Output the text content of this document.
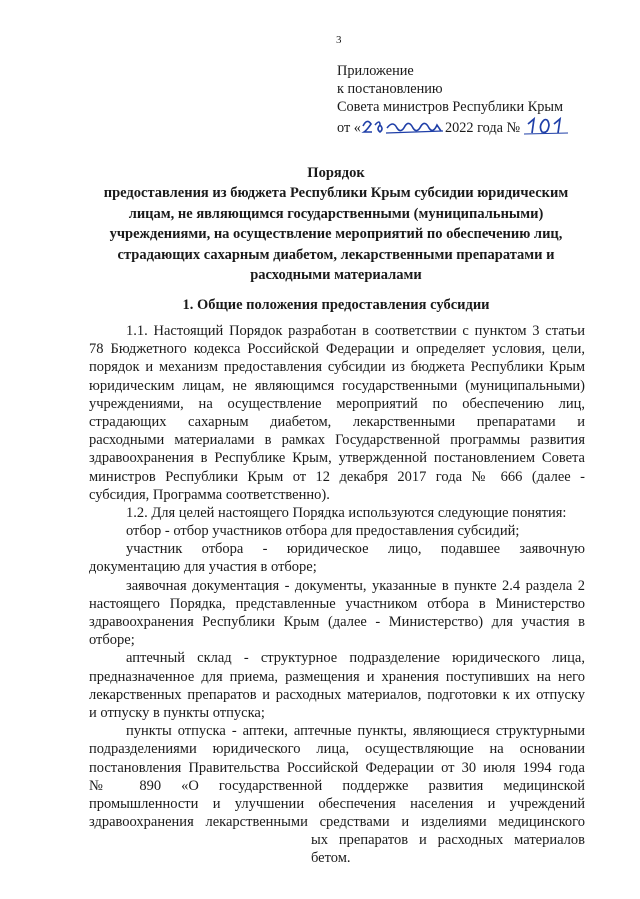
3
Приложение
к постановлению
Совета министров Республики Крым
от «	2022 года №
Порядок
предоставления из бюджета Республики Крым субсидии юридическим
лицам, не являющимся государственными (муниципальными)
учреждениями, на осуществление мероприятий по обеспечению лиц,
страдающих сахарным диабетом, лекарственными препаратами и
расходными материалами
1. Общие положения предоставления субсидии
1.1. Настоящий Порядок разработан в соответствии с пунктом 3 статьи
78 Бюджетного кодекса Российской Федерации и определяет условия, цели,
порядок и механизм предоставления субсидии из бюджета Республики Крым
юридическим лицам, не являющимся государственными (муниципальными)
учреждениями, на осуществление мероприятий по обеспечению лиц,
страдающих сахарным диабетом, лекарственными препаратами и
расходными материалами в рамках Государственной программы развития
здравоохранения в Республике Крым, утвержденной постановлением Совета
министров Республики Крым от 12 декабря 2017 года № 666 (далее -
субсидия, Программа соответственно).
1.2. Для целей настоящего Порядка используются следующие понятия:
отбор - отбор участников отбора для предоставления субсидий;
участник отбора - юридическое лицо, подавшее заявочную
документацию для участия в отборе;
заявочная документация - документы, указанные в пункте 2.4 раздела 2
настоящего Порядка, представленные участником отбора в Министерство
здравоохранения Республики Крым (далее - Министерство) для участия в
отборе;
аптечный склад - структурное подразделение юридического лица,
предназначенное для приема, размещения и хранения поступивших на него
лекарственных препаратов и расходных материалов, подготовки к их отпуску
и отпуску в пункты отпуска;
пункты отпуска - аптеки, аптечные пункты, являющиеся структурными
подразделениями юридического лица, осуществляющие на основании
постановления Правительства Российской Федерации от 30 июля 1994 года
№ 890 «О государственной поддержке развития медицинской
промышленности и улучшении обеспечения населения и учреждений
здравоохранения лекарственными средствами и изделиями медицинского
ых препаратов и расходных материалов
бетом.
